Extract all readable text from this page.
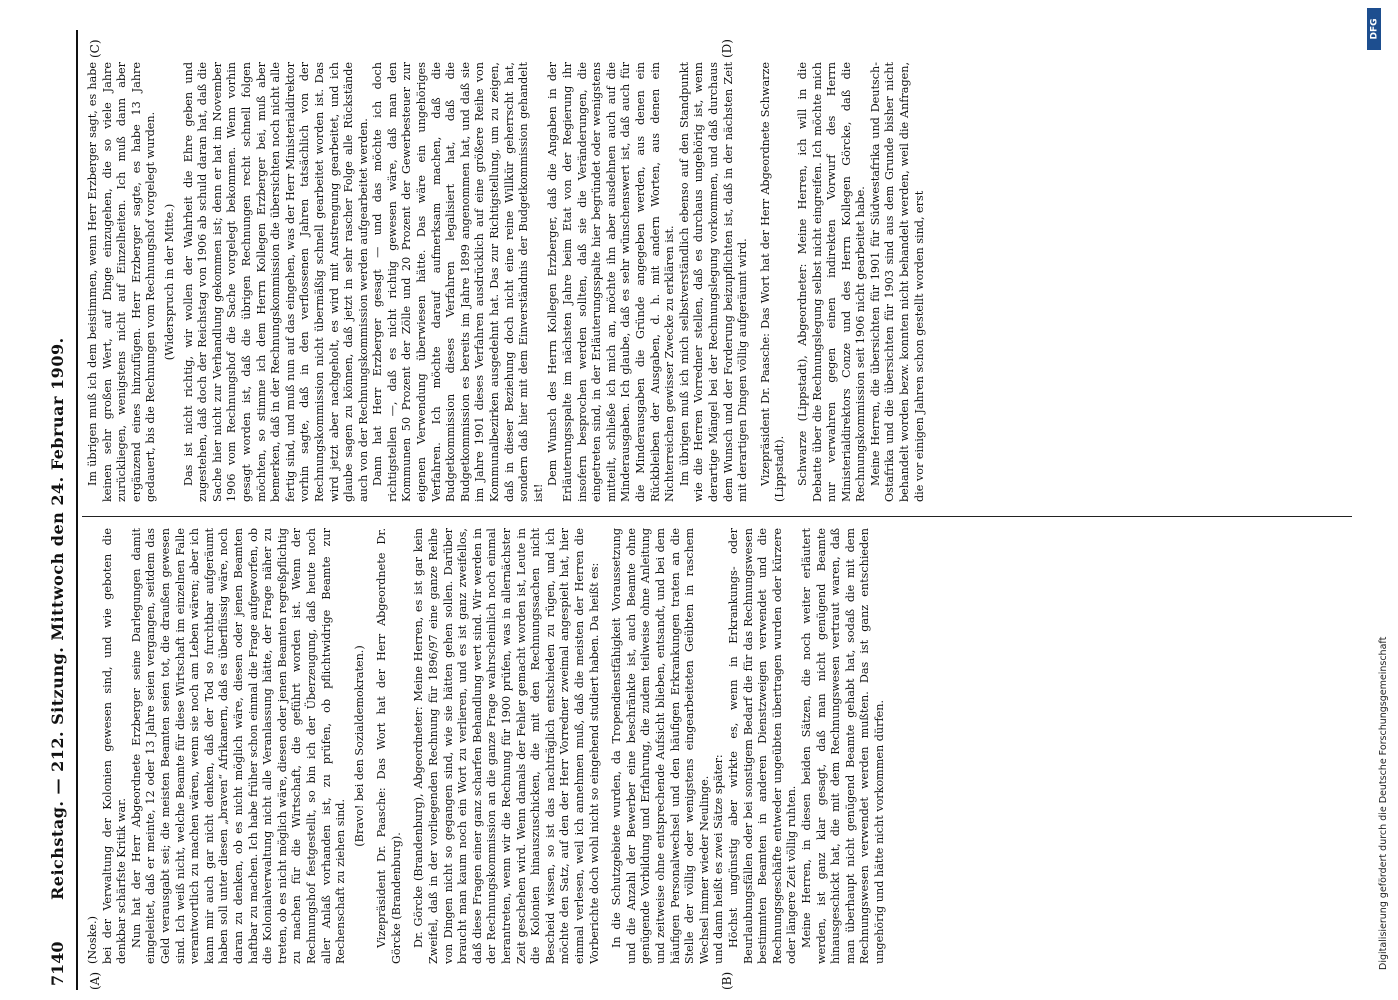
7140
Reichstag. — 212. Sitzung. Mittwoch den 24. Februar 1909.
(A)	(B)
(C)	(D)

(Noske.) bei der Verwaltung der Kolonien gewesen sind, und wie geboten die denkbar schärfste Kritik war. Nun hat der Herr Abgeordnete Erzberger seine Darlegungen damit eingeleitet, daß er meinte, 12 oder 13 Jahre seien vergangen, seitdem das Geld verausgabt sei; die meisten Beamten seien tot, die draußen gewesen sind. Ich weiß nicht, welche Beamte für diese Wirtschaft im einzelnen Falle verantwortlich zu machen wären, wenn sie noch am Leben wären; aber ich kann mir auch gar nicht denken, daß der Tod so furchtbar aufgeräumt haben soll unter diesen „braven“ Afrikanern, daß es überflüssig wäre, noch daran zu denken, ob es nicht möglich wäre, diesen oder jenen Beamten haftbar zu machen. Ich habe früher schon einmal die Frage aufgeworfen, ob die Kolonialverwaltung nicht alle Veranlassung hätte, der Frage näher zu treten, ob es nicht möglich wäre, diesen oder jenen Beamten regreßpflichtig zu machen für die Wirtschaft, die geführt worden ist. Wenn der Rechnungshof festgestellt, so bin ich der Überzeugung, daß heute noch aller Anlaß vorhanden ist, zu prüfen, ob pflichtwidrige Beamte zur Rechenschaft zu ziehen sind.

(Bravo! bei den Sozialdemokraten.) Vizepräsident Dr. Paasche: Das Wort hat der Herr Abgeordnete Dr. Görcke (Brandenburg). Dr. Görcke (Brandenburg), Abgeordneter: Meine Herren, es ist gar kein Zweifel, daß in der vorliegenden Rechnung für 1896/97 eine ganze Reihe von Dingen nicht so gegangen sind, wie sie hätten gehen sollen. Darüber braucht man kaum noch ein Wort zu verlieren, und es ist ganz zweifellos, daß diese Fragen einer ganz scharfen Behandlung wert sind. Wir werden in der Rechnungskommission an die ganze Frage wahrscheinlich noch einmal herantreten, wenn wir die Rechnung für 1900 prüfen, was in allernächster Zeit geschehen wird. Wenn damals der Fehler gemacht worden ist, Leute in die Kolonien hinauszuschicken, die mit den Rechnungssachen nicht Bescheid wissen, so ist das nachträglich entschieden zu rügen, und ich möchte den Satz, auf den der Herr Vorredner zweimal angespielt hat, hier einmal verlesen, weil ich annehmen muß, daß die meisten der Herren die Vorberichte doch wohl nicht so eingehend studiert haben. Da heißt es: In die Schutzgebiete wurden, da Tropendienstfähigkeit Voraussetzung und die Anzahl der Bewerber eine beschränkte ist, auch Beamte ohne genügende Vorbildung und Erfahrung, die zudem teilweise ohne Anleitung und zeitweise ohne entsprechende Aufsicht blieben, entsandt, und bei dem häufigen Personalwechsel und den häufigen Erkrankungen traten an die Stelle der völlig oder wenigstens eingearbeiteten Geübten in raschem Wechsel immer wieder Neulinge. und dann heißt es zwei Sätze später: Höchst ungünstig aber wirkte es, wenn in Erkrankungs- oder Beurlaubungsfällen oder bei sonstigem Bedarf die für das Rechnungswesen bestimmten Beamten in anderen Dienstzweigen verwendet und die Rechnungsgeschäfte entweder ungeübten übertragen wurden oder kürzere oder längere Zeit völlig ruhten. Meine Herren, in diesen beiden Sätzen, die noch weiter erläutert werden, ist ganz klar gesagt, daß man nicht genügend Beamte hinausgeschickt hat, die mit dem Rechnungswesen vertraut waren, daß man überhaupt nicht genügend Beamte gehabt hat, sodaß die mit dem Rechnungswesen verwendet werden mußten. Das ist ganz entschieden ungehörig und hätte nicht vorkommen dürfen.

Im übrigen muß ich dem beistimmen, wenn Herr Erzberger sagt, es habe keinen sehr großen Wert, auf Dinge einzugehen, die so viele Jahre zurückliegen, wenigstens nicht auf Einzelheiten. Ich muß dann aber ergänzend eines hinzufügen. Herr Erzberger sagte, es habe 13 Jahre gedauert, bis die Rechnungen vom Rechnungshof vorgelegt wurden. (Widerspruch in der Mitte.) Das ist nicht richtig, wir wollen der Wahrheit die Ehre geben und zugestehen, daß doch der Reichstag von 1906 ab schuld daran hat, daß die Sache hier nicht zur Verhandlung gekommen ist; denn er hat im November 1906 vom Rechnungshof die Sache vorgelegt bekommen. Wenn vorhin gesagt worden ist, daß die übrigen Rechnungen recht schnell folgen möchten, so stimme ich dem Herrn Kollegen Erzberger bei, muß aber bemerken, daß in der Rechnungskommission die übersichten noch nicht alle fertig sind, und muß nun auf das eingehen, was der Herr Ministerialdirektor vorhin sagte, daß in den verflossenen Jahren tatsächlich von der Rechnungskommission nicht übermäßig schnell gearbeitet worden ist. Das wird jetzt aber nachgeholt, es wird mit Anstrengung gearbeitet, und ich glaube sagen zu können, daß jetzt in sehr rascher Folge alle Rückstände auch von der Rechnungskommission werden aufgearbeitet werden. Dann hat Herr Erzberger gesagt — und das möchte ich doch richtigstellen —, daß es nicht richtig gewesen wäre, daß man den Kommunen 50 Prozent der Zölle und 20 Prozent der Gewerbesteuer zur eigenen Verwendung überwiesen hätte. Das wäre ein ungehöriges Verfahren. Ich möchte darauf aufmerksam machen, daß die Budgetkommission dieses Verfahren legalisiert hat, daß die Budgetkommission es bereits im Jahre 1899 angenommen hat, und daß sie im Jahre 1901 dieses Verfahren ausdrücklich auf eine größere Reihe von Kommunalbezirken ausgedehnt hat. Das zur Richtigstellung, um zu zeigen, daß in dieser Beziehung doch nicht eine reine Willkür geherrscht hat, sondern daß hier mit dem Einverständnis der Budgetkommission gehandelt ist!

Dem Wunsch des Herrn Kollegen Erzberger, daß die Angaben in der Erläuterungsspalte im nächsten Jahre beim Etat von der Regierung ihr insofern besprochen werden sollten, daß sie die Veränderungen, die eingetreten sind, in der Erläuterungsspalte hier begründet oder wenigstens mitteilt, schließe ich mich an, möchte ihn aber ausdehnen auch auf die Minderausgaben. Ich glaube, daß es sehr wünschenswert ist, daß auch für die Minderausgaben die Gründe angegeben werden, aus denen ein Rückbleiben der Ausgaben, d. h. mit andern Worten, aus denen ein Nichterreichen gewisser Zwecke zu erklären ist. Im übrigen muß ich mich selbstverständlich ebenso auf den Standpunkt wie die Herren Vorredner stellen, daß es durchaus ungehörig ist, wenn derartige Mängel bei der Rechnungslegung vorkommen, und daß durchaus dem Wunsch und der Forderung beizupflichten ist, daß in der nächsten Zeit mit derartigen Dingen völlig aufgeräumt wird. Vizepräsident Dr. Paasche: Das Wort hat der Herr Abgeordnete Schwarze (Lippstadt). Schwarze (Lippstadt), Abgeordneter: Meine Herren, ich will in die Debatte über die Rechnungslegung selbst nicht eingreifen. Ich möchte mich nur verwahren gegen einen indirekten Vorwurf des Herrn Ministerialdirektors Conze und des Herrn Kollegen Görcke, daß die Rechnungskommission seit 1906 nicht gearbeitet habe. Meine Herren, die übersichten für 1901 für Südwestafrika und Deutsch-Ostafrika und die übersichten für 1903 sind aus dem Grunde bisher nicht behandelt worden bezw. konnten nicht behandelt werden, weil die Anfragen, die vor einigen Jahren schon gestellt worden sind, erst

Digitalisierung gefördert durch die Deutsche Forschungsgemeinschaft
DFG
